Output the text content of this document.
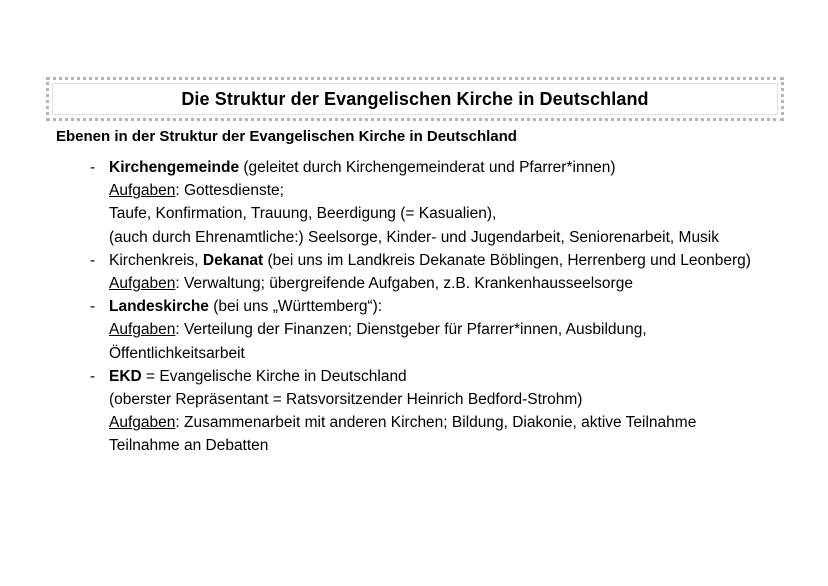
Die Struktur der Evangelischen Kirche in Deutschland
Ebenen in der Struktur der Evangelischen Kirche in Deutschland
- Kirchengemeinde (geleitet durch Kirchengemeinderat und Pfarrer*innen)
Aufgaben: Gottesdienste;
Taufe, Konfirmation, Trauung, Beerdigung (= Kasualien),
(auch durch Ehrenamtliche:) Seelsorge, Kinder- und Jugendarbeit, Seniorenarbeit, Musik
- Kirchenkreis, Dekanat (bei uns im Landkreis Dekanate Böblingen, Herrenberg und Leonberg)
Aufgaben: Verwaltung; übergreifende Aufgaben, z.B. Krankenhausseelsorge
- Landeskirche (bei uns „Württemberg“):
Aufgaben: Verteilung der Finanzen; Dienstgeber für Pfarrer*innen, Ausbildung,
Öffentlichkeitsarbeit
- EKD = Evangelische Kirche in Deutschland
(oberster Repräsentant = Ratsvorsitzender Heinrich Bedford-Strohm)
Aufgaben: Zusammenarbeit mit anderen Kirchen; Bildung, Diakonie, aktive Teilnahme
Teilnahme an Debatten
